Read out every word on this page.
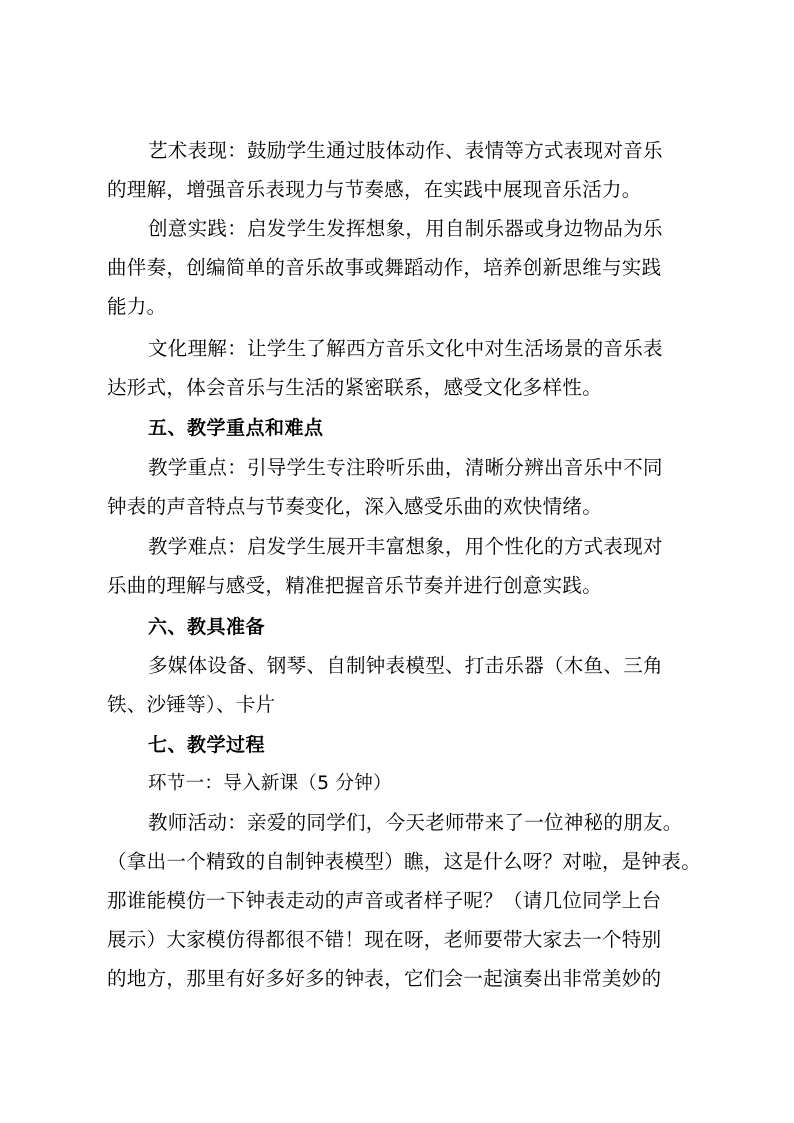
艺术表现：鼓励学生通过肢体动作、表情等方式表现对音乐
的理解，增强音乐表现力与节奏感，在实践中展现音乐活力。
创意实践：启发学生发挥想象，用自制乐器或身边物品为乐
曲伴奏，创编简单的音乐故事或舞蹈动作，培养创新思维与实践
能力。
文化理解：让学生了解西方音乐文化中对生活场景的音乐表
达形式，体会音乐与生活的紧密联系，感受文化多样性。
五、教学重点和难点
教学重点：引导学生专注聆听乐曲，清晰分辨出音乐中不同
钟表的声音特点与节奏变化，深入感受乐曲的欢快情绪。
教学难点：启发学生展开丰富想象，用个性化的方式表现对
乐曲的理解与感受，精准把握音乐节奏并进行创意实践。
六、教具准备
多媒体设备、钢琴、自制钟表模型、打击乐器（木鱼、三角
铁、沙锤等）、卡片
七、教学过程
环节一：导入新课（5 分钟）
教师活动：亲爱的同学们，今天老师带来了一位神秘的朋友。
（拿出一个精致的自制钟表模型）瞧，这是什么呀？对啦，是钟表。
那谁能模仿一下钟表走动的声音或者样子呢？（请几位同学上台
展示）大家模仿得都很不错！现在呀，老师要带大家去一个特别
的地方，那里有好多好多的钟表，它们会一起演奏出非常美妙的
